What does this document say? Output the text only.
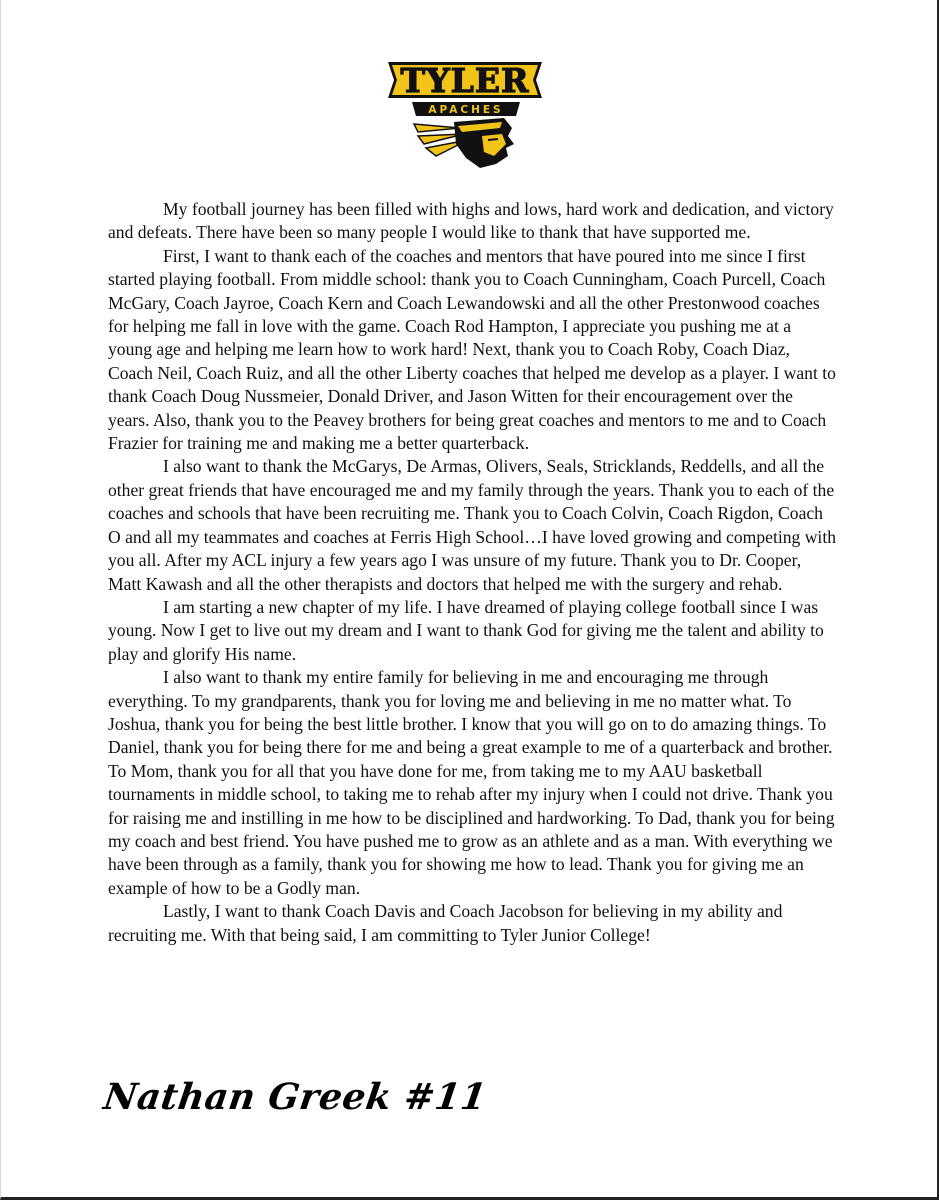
TYLER
APACHES

My football journey has been filled with highs and lows, hard work and dedication, and victory and defeats. There have been so many people I would like to thank that have supported me.

First, I want to thank each of the coaches and mentors that have poured into me since I first started playing football. From middle school: thank you to Coach Cunningham, Coach Purcell, Coach McGary, Coach Jayroe, Coach Kern and Coach Lewandowski and all the other Prestonwood coaches for helping me fall in love with the game. Coach Rod Hampton, I appreciate you pushing me at a young age and helping me learn how to work hard! Next, thank you to Coach Roby, Coach Diaz, Coach Neil, Coach Ruiz, and all the other Liberty coaches that helped me develop as a player. I want to thank Coach Doug Nussmeier, Donald Driver, and Jason Witten for their encouragement over the years. Also, thank you to the Peavey brothers for being great coaches and mentors to me and to Coach Frazier for training me and making me a better quarterback.

I also want to thank the McGarys, De Armas, Olivers, Seals, Stricklands, Reddells, and all the other great friends that have encouraged me and my family through the years. Thank you to each of the coaches and schools that have been recruiting me. Thank you to Coach Colvin, Coach Rigdon, Coach O and all my teammates and coaches at Ferris High School…I have loved growing and competing with you all. After my ACL injury a few years ago I was unsure of my future. Thank you to Dr. Cooper, Matt Kawash and all the other therapists and doctors that helped me with the surgery and rehab.

I am starting a new chapter of my life. I have dreamed of playing college football since I was young. Now I get to live out my dream and I want to thank God for giving me the talent and ability to play and glorify His name.

I also want to thank my entire family for believing in me and encouraging me through everything. To my grandparents, thank you for loving me and believing in me no matter what. To Joshua, thank you for being the best little brother. I know that you will go on to do amazing things. To Daniel, thank you for being there for me and being a great example to me of a quarterback and brother. To Mom, thank you for all that you have done for me, from taking me to my AAU basketball tournaments in middle school, to taking me to rehab after my injury when I could not drive. Thank you for raising me and instilling in me how to be disciplined and hardworking. To Dad, thank you for being my coach and best friend. You have pushed me to grow as an athlete and as a man. With everything we have been through as a family, thank you for showing me how to lead. Thank you for giving me an example of how to be a Godly man.

Lastly, I want to thank Coach Davis and Coach Jacobson for believing in my ability and recruiting me. With that being said, I am committing to Tyler Junior College!

Nathan Greek #11
